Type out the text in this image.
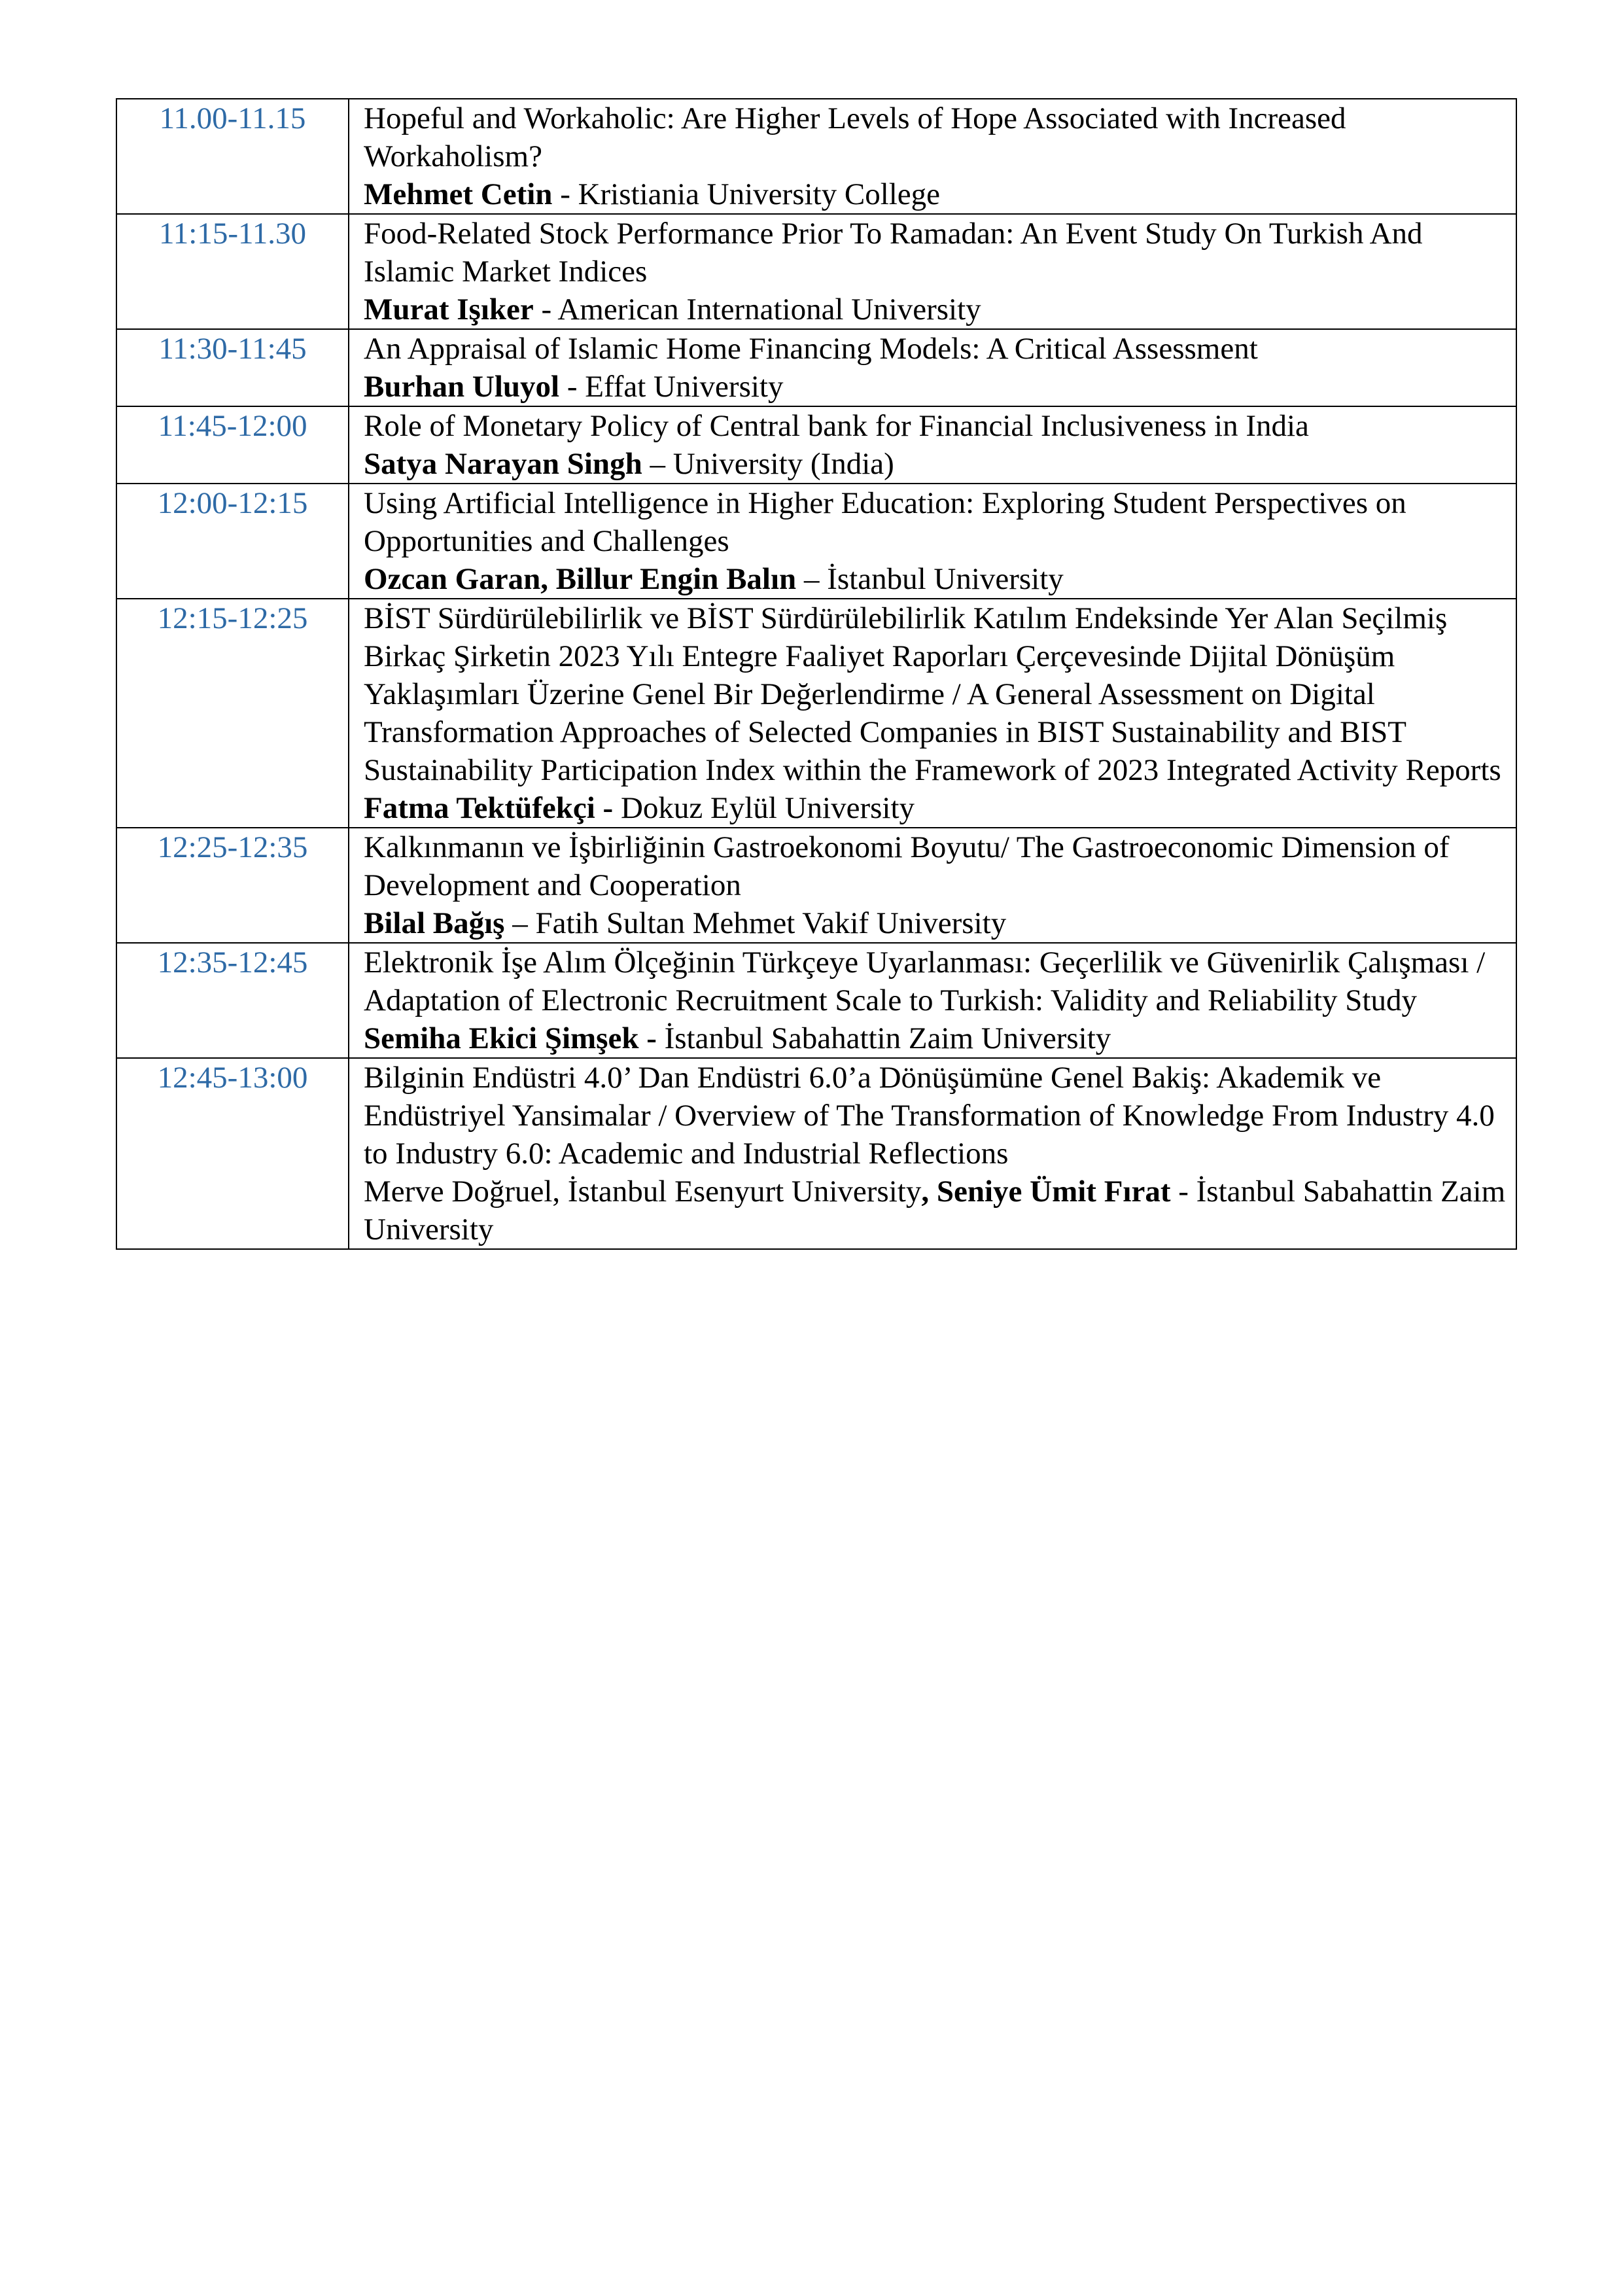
11.00-11.15	Hopeful and Workaholic: Are Higher Levels of Hope Associated with Increased Workaholism?
Mehmet Cetin - Kristiania University College

11:15-11.30	Food-Related Stock Performance Prior To Ramadan: An Event Study On Turkish And Islamic Market Indices
Murat Işıker - American International University

11:30-11:45	An Appraisal of Islamic Home Financing Models: A Critical Assessment
Burhan Uluyol - Effat University

11:45-12:00	Role of Monetary Policy of Central bank for Financial Inclusiveness in India
Satya Narayan Singh – University (India)

12:00-12:15	Using Artificial Intelligence in Higher Education: Exploring Student Perspectives on Opportunities and Challenges
Ozcan Garan, Billur Engin Balın – İstanbul University

12:15-12:25	BİST Sürdürülebilirlik ve BİST Sürdürülebilirlik Katılım Endeksinde Yer Alan Seçilmiş Birkaç Şirketin 2023 Yılı Entegre Faaliyet Raporları Çerçevesinde Dijital Dönüşüm Yaklaşımları Üzerine Genel Bir Değerlendirme / A General Assessment on Digital Transformation Approaches of Selected Companies in BIST Sustainability and BIST Sustainability Participation Index within the Framework of 2023 Integrated Activity Reports
Fatma Tektüfekçi - Dokuz Eylül University

12:25-12:35	Kalkınmanın ve İşbirliğinin Gastroekonomi Boyutu/ The Gastroeconomic Dimension of Development and Cooperation
Bilal Bağış – Fatih Sultan Mehmet Vakif University

12:35-12:45	Elektronik İşe Alım Ölçeğinin Türkçeye Uyarlanması: Geçerlilik ve Güvenirlik Çalışması / Adaptation of Electronic Recruitment Scale to Turkish: Validity and Reliability Study
Semiha Ekici Şimşek - İstanbul Sabahattin Zaim University

12:45-13:00	Bilginin Endüstri 4.0’ Dan Endüstri 6.0’a Dönüşümüne Genel Bakiş: Akademik ve Endüstriyel Yansimalar / Overview of The Transformation of Knowledge From Industry 4.0 to Industry 6.0: Academic and Industrial Reflections
Merve Doğruel, İstanbul Esenyurt University, Seniye Ümit Fırat - İstanbul Sabahattin Zaim University
